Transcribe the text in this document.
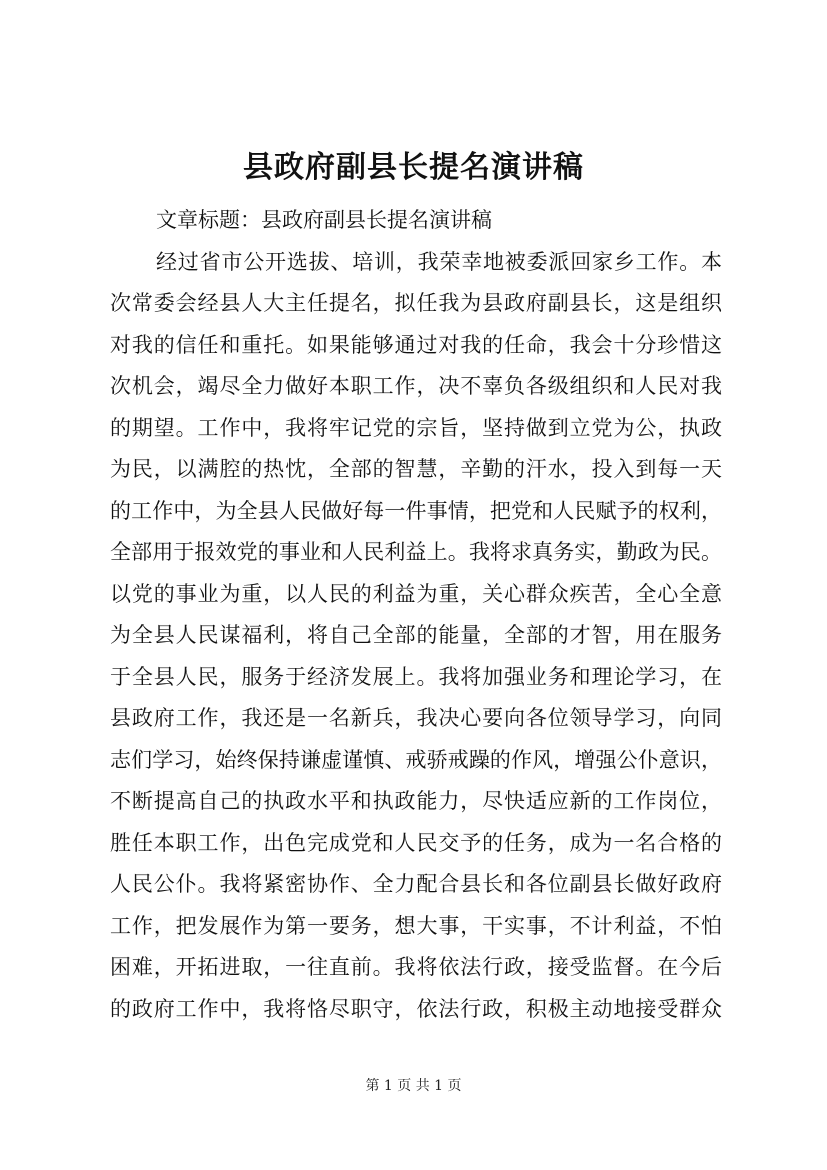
县政府副县长提名演讲稿
文章标题：县政府副县长提名演讲稿
经过省市公开选拔、培训，我荣幸地被委派回家乡工作。本
次常委会经县人大主任提名，拟任我为县政府副县长，这是组织
对我的信任和重托。如果能够通过对我的任命，我会十分珍惜这
次机会，竭尽全力做好本职工作，决不辜负各级组织和人民对我
的期望。工作中，我将牢记党的宗旨，坚持做到立党为公，执政
为民，以满腔的热忱，全部的智慧，辛勤的汗水，投入到每一天
的工作中，为全县人民做好每一件事情，把党和人民赋予的权利，
全部用于报效党的事业和人民利益上。我将求真务实，勤政为民。
以党的事业为重，以人民的利益为重，关心群众疾苦，全心全意
为全县人民谋福利，将自己全部的能量，全部的才智，用在服务
于全县人民，服务于经济发展上。我将加强业务和理论学习，在
县政府工作，我还是一名新兵，我决心要向各位领导学习，向同
志们学习，始终保持谦虚谨慎、戒骄戒躁的作风，增强公仆意识，
不断提高自己的执政水平和执政能力，尽快适应新的工作岗位，
胜任本职工作，出色完成党和人民交予的任务，成为一名合格的
人民公仆。我将紧密协作、全力配合县长和各位副县长做好政府
工作，把发展作为第一要务，想大事，干实事，不计利益，不怕
困难，开拓进取，一往直前。我将依法行政，接受监督。在今后
的政府工作中，我将恪尽职守，依法行政，积极主动地接受群众
第 1 页 共 1 页
